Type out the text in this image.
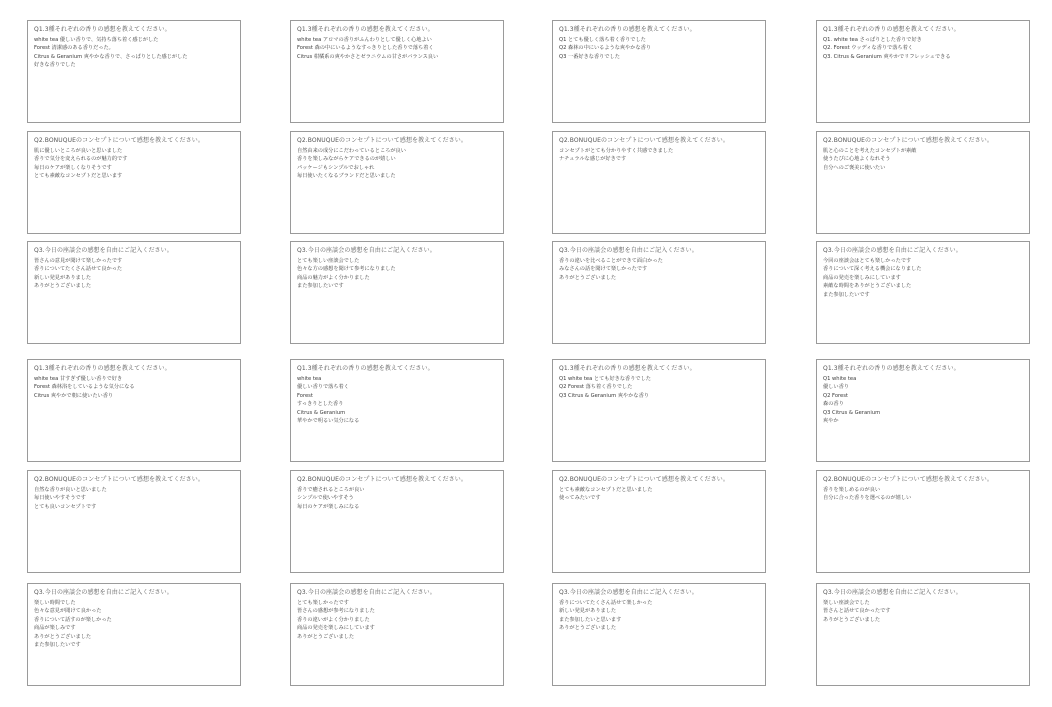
Q1.3種それぞれの香りの感想を教えてください。
white tea 優しい香りで、気持ち落ち着く感じがした
Forest 清潔感のある香りだった。
Citrus & Geranium 爽やかな香りで、さっぱりとした感じがした
好きな香りでした
Q1.3種それぞれの香りの感想を教えてください。
white tea アロマの香りがふんわりとして優しく心地よい
Forest 森の中にいるようなすっきりとした香りで落ち着く
Citrus 柑橘系の爽やかさとゼラニウムの甘さがバランス良い
Q1.3種それぞれの香りの感想を教えてください。
Q1 とても優しく落ち着く香りでした
Q2 森林の中にいるような爽やかな香り
Q3 一番好きな香りでした
Q1.3種それぞれの香りの感想を教えてください。
Q1. white tea さっぱりとした香りで好き
Q2. Forest ウッディな香りで落ち着く
Q3. Citrus & Geranium 爽やかでリフレッシュできる
Q2.BONUQUEのコンセプトについて感想を教えてください。
肌に優しいところが良いと思いました
香りで気分を変えられるのが魅力的です
毎日のケアが楽しくなりそうです
とても素敵なコンセプトだと思います
Q2.BONUQUEのコンセプトについて感想を教えてください。
自然由来の成分にこだわっているところが良い
香りを楽しみながらケアできるのが嬉しい
パッケージもシンプルでおしゃれ
毎日使いたくなるブランドだと思いました
Q2.BONUQUEのコンセプトについて感想を教えてください。
コンセプトがとても分かりやすく共感できました
ナチュラルな感じが好きです
Q2.BONUQUEのコンセプトについて感想を教えてください。
肌と心のことを考えたコンセプトが素敵
使うたびに心地よくなれそう
自分へのご褒美に使いたい
Q3.今日の座談会の感想を自由にご記入ください。
皆さんの意見が聞けて楽しかったです
香りについてたくさん話せて良かった
新しい発見がありました
ありがとうございました
Q3.今日の座談会の感想を自由にご記入ください。
とても楽しい座談会でした
色々な方の感想を聞けて参考になりました
商品の魅力がよく分かりました
また参加したいです
Q3.今日の座談会の感想を自由にご記入ください。
香りの違いを比べることができて面白かった
みなさんの話を聞けて楽しかったです
ありがとうございました
Q3.今日の座談会の感想を自由にご記入ください。
今回の座談会はとても楽しかったです
香りについて深く考える機会になりました
商品の発売を楽しみにしています
素敵な時間をありがとうございました
また参加したいです
Q1.3種それぞれの香りの感想を教えてください。
white tea 甘すぎず優しい香りで好き
Forest 森林浴をしているような気分になる
Citrus 爽やかで朝に使いたい香り
Q1.3種それぞれの香りの感想を教えてください。
white tea
優しい香りで落ち着く
Forest
すっきりとした香り
Citrus & Geranium
華やかで明るい気分になる
Q1.3種それぞれの香りの感想を教えてください。
Q1 white tea とても好きな香りでした
Q2 Forest 落ち着く香りでした
Q3 Citrus & Geranium 爽やかな香り
Q1.3種それぞれの香りの感想を教えてください。
Q1 white tea
優しい香り
Q2 Forest
森の香り
Q3 Citrus & Geranium
爽やか
Q2.BONUQUEのコンセプトについて感想を教えてください。
自然な香りが良いと思いました
毎日使いやすそうです
とても良いコンセプトです
Q2.BONUQUEのコンセプトについて感想を教えてください。
香りで癒されるところが良い
シンプルで使いやすそう
毎日のケアが楽しみになる
Q2.BONUQUEのコンセプトについて感想を教えてください。
とても素敵なコンセプトだと思いました
使ってみたいです
Q2.BONUQUEのコンセプトについて感想を教えてください。
香りを楽しめるのが良い
自分に合った香りを選べるのが嬉しい
Q3.今日の座談会の感想を自由にご記入ください。
楽しい時間でした
色々な意見が聞けて良かった
香りについて話すのが楽しかった
商品が楽しみです
ありがとうございました
また参加したいです
Q3.今日の座談会の感想を自由にご記入ください。
とても楽しかったです
皆さんの感想が参考になりました
香りの違いがよく分かりました
商品の発売を楽しみにしています
ありがとうございました
Q3.今日の座談会の感想を自由にご記入ください。
香りについてたくさん話せて楽しかった
新しい発見がありました
また参加したいと思います
ありがとうございました
Q3.今日の座談会の感想を自由にご記入ください。
楽しい座談会でした
皆さんと話せて良かったです
ありがとうございました
